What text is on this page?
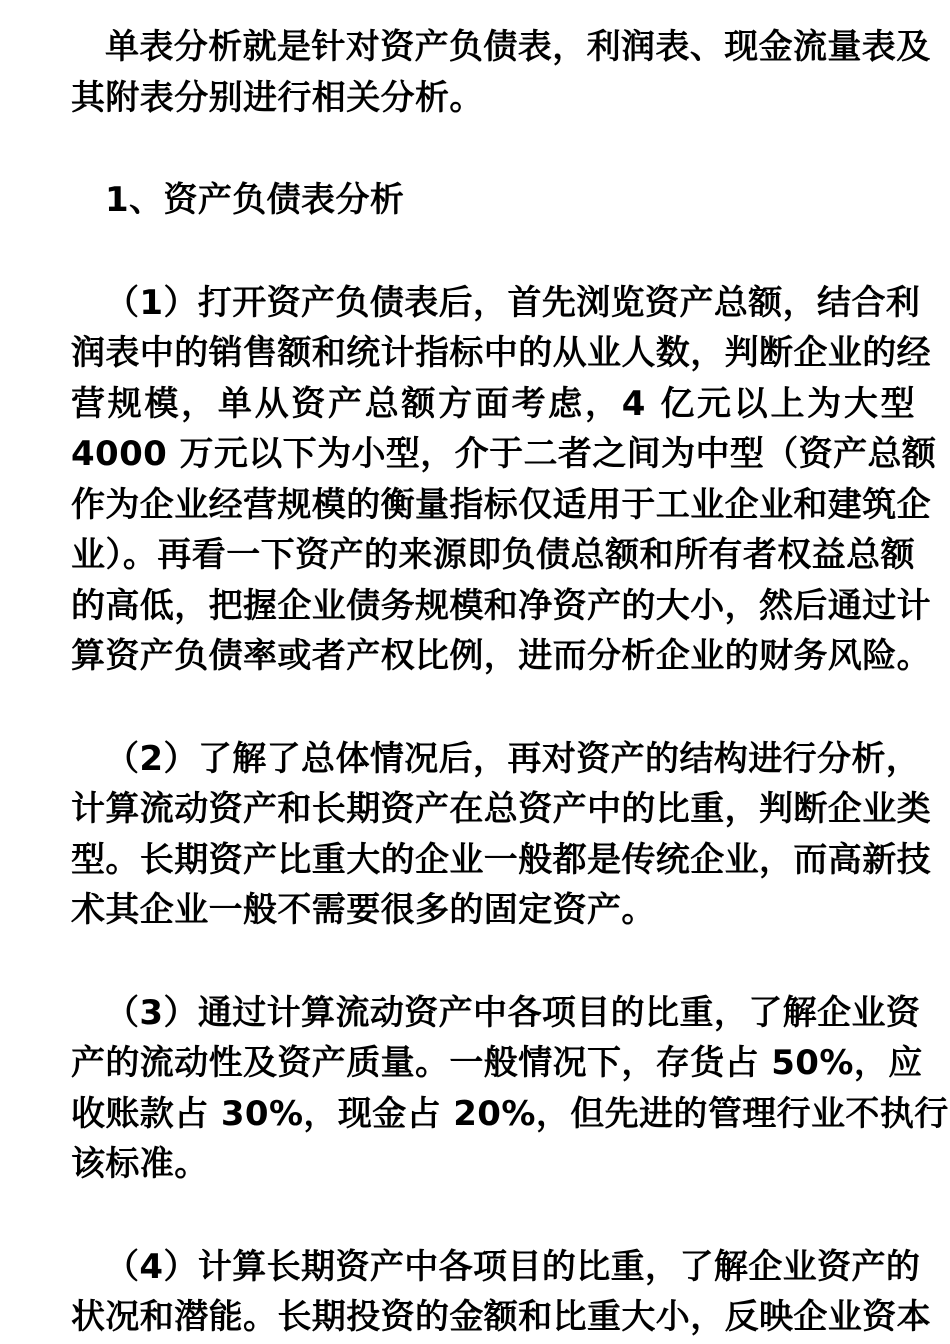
单表分析就是针对资产负债表，利润表、现金流量表及
其附表分别进行相关分析。
1、资产负债表分析
（1）打开资产负债表后，首先浏览资产总额，结合利
润表中的销售额和统计指标中的从业人数，判断企业的经
营规模，单从资产总额方面考虑，4 亿元以上为大型
4000 万元以下为小型，介于二者之间为中型（资产总额
作为企业经营规模的衡量指标仅适用于工业企业和建筑企
业）。再看一下资产的来源即负债总额和所有者权益总额
的高低，把握企业债务规模和净资产的大小，然后通过计
算资产负债率或者产权比例，进而分析企业的财务风险。
（2）了解了总体情况后，再对资产的结构进行分析，
计算流动资产和长期资产在总资产中的比重，判断企业类
型。长期资产比重大的企业一般都是传统企业，而高新技
术其企业一般不需要很多的固定资产。
（3）通过计算流动资产中各项目的比重，了解企业资
产的流动性及资产质量。一般情况下，存货占 50%，应
收账款占 30%，现金占 20%，但先进的管理行业不执行
该标准。
（4）计算长期资产中各项目的比重，了解企业资产的
状况和潜能。长期投资的金额和比重大小，反映企业资本
